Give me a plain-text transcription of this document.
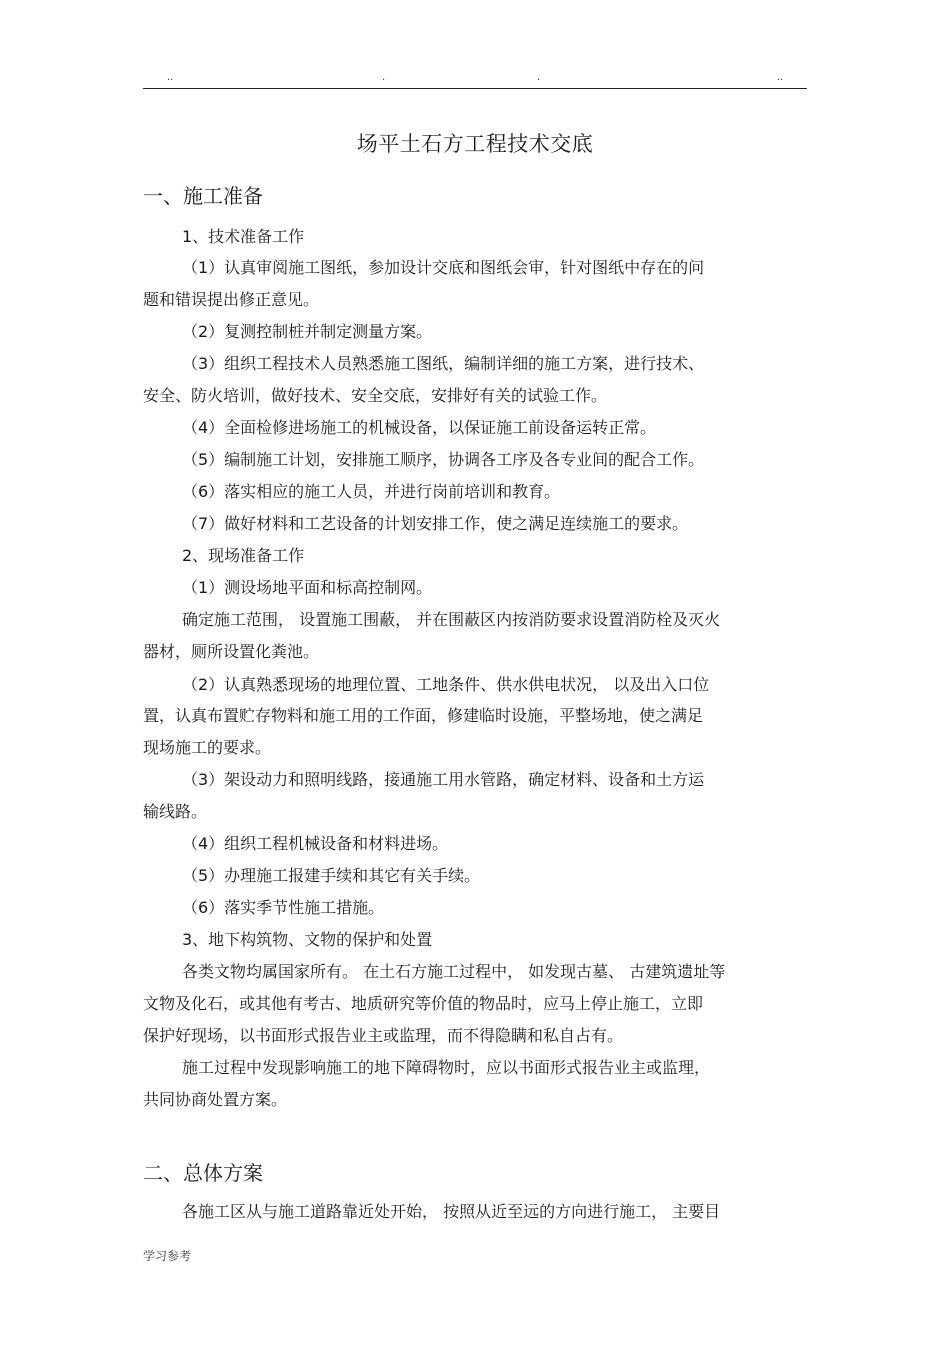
..	.	.	..
场平土石方工程技术交底
一、施工准备

1、技术准备工作

（1）认真审阅施工图纸，参加设计交底和图纸会审，针对图纸中存在的问

题和错误提出修正意见。

（2）复测控制桩并制定测量方案。

（3）组织工程技术人员熟悉施工图纸，编制详细的施工方案，进行技术、

安全、防火培训，做好技术、安全交底，安排好有关的试验工作。

（4）全面检修进场施工的机械设备，以保证施工前设备运转正常。

（5）编制施工计划，安排施工顺序，协调各工序及各专业间的配合工作。

（6）落实相应的施工人员，并进行岗前培训和教育。

（7）做好材料和工艺设备的计划安排工作，使之满足连续施工的要求。

2、现场准备工作

（1）测设场地平面和标高控制网。

确定施工范围， 设置施工围蔽， 并在围蔽区内按消防要求设置消防栓及灭火

器材，厕所设置化粪池。

（2）认真熟悉现场的地理位置、工地条件、供水供电状况， 以及出入口位

置，认真布置贮存物料和施工用的工作面，修建临时设施，平整场地，使之满足

现场施工的要求。

（3）架设动力和照明线路，接通施工用水管路，确定材料、设备和土方运

输线路。

（4）组织工程机械设备和材料进场。

（5）办理施工报建手续和其它有关手续。

（6）落实季节性施工措施。

3、地下构筑物、文物的保护和处置

各类文物均属国家所有。 在土石方施工过程中， 如发现古墓、 古建筑遗址等

文物及化石，或其他有考古、地质研究等价值的物品时，应马上停止施工，立即

保护好现场，以书面形式报告业主或监理，而不得隐瞒和私自占有。

施工过程中发现影响施工的地下障碍物时，应以书面形式报告业主或监理，

共同协商处置方案。

二、总体方案

各施工区从与施工道路靠近处开始， 按照从近至远的方向进行施工， 主要目

学习参考
